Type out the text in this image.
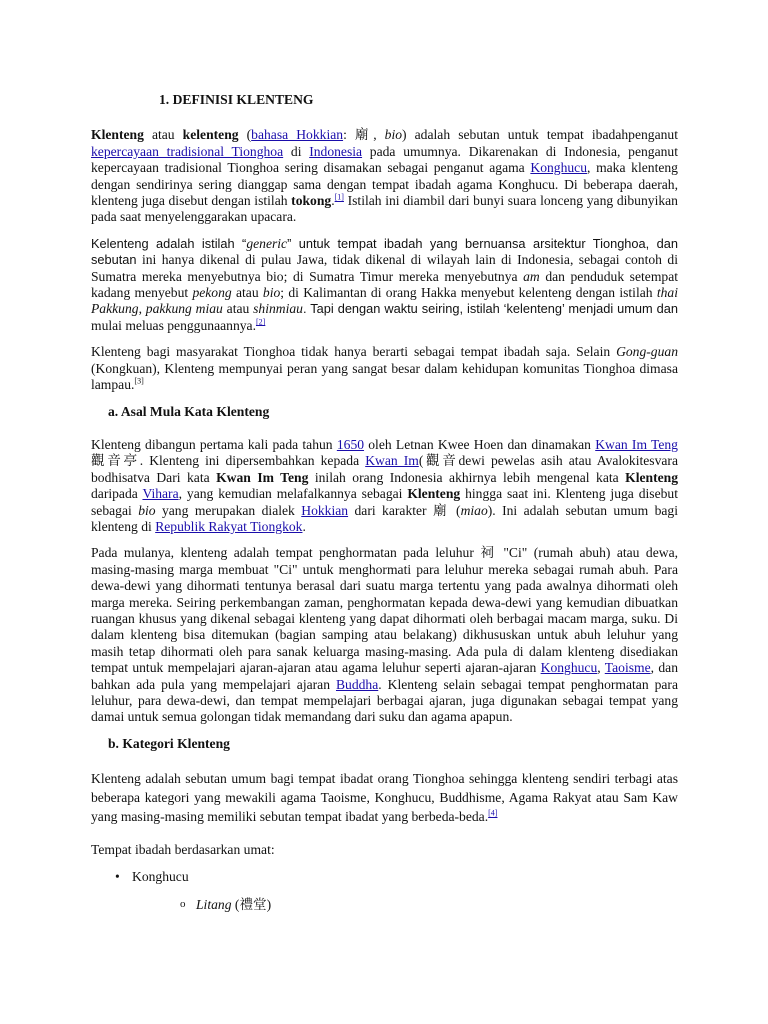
1. DEFINISI KLENTENG

Klenteng atau kelenteng (bahasa Hokkian: 廟, bio) adalah sebutan untuk tempat ibadahpenganut kepercayaan tradisional Tionghoa di Indonesia pada umumnya. Dikarenakan di Indonesia, penganut kepercayaan tradisional Tionghoa sering disamakan sebagai penganut agama Konghucu, maka klenteng dengan sendirinya sering dianggap sama dengan tempat ibadah agama Konghucu. Di beberapa daerah, klenteng juga disebut dengan istilah tokong.[1] Istilah ini diambil dari bunyi suara lonceng yang dibunyikan pada saat menyelenggarakan upacara.

Kelenteng adalah istilah “generic” untuk tempat ibadah yang bernuansa arsitektur Tionghoa, dan sebutan ini hanya dikenal di pulau Jawa, tidak dikenal di wilayah lain di Indonesia, sebagai contoh di Sumatra mereka menyebutnya bio; di Sumatra Timur mereka menyebutnya am dan penduduk setempat kadang menyebut pekong atau bio; di Kalimantan di orang Hakka menyebut kelenteng dengan istilah thai Pakkung, pakkung miau atau shinmiau. Tapi dengan waktu seiring, istilah ‘kelenteng’ menjadi umum dan mulai meluas penggunaannya.[2]

Klenteng bagi masyarakat Tionghoa tidak hanya berarti sebagai tempat ibadah saja. Selain Gong-guan (Kongkuan), Klenteng mempunyai peran yang sangat besar dalam kehidupan komunitas Tionghoa dimasa lampau.[3]

a. Asal Mula Kata Klenteng

Klenteng dibangun pertama kali pada tahun 1650 oleh Letnan Kwee Hoen dan dinamakan Kwan Im Teng 觀音亭. Klenteng ini dipersembahkan kepada Kwan Im(觀音dewi pewelas asih atau Avalokitesvara bodhisatva Dari kata Kwan Im Teng inilah orang Indonesia akhirnya lebih mengenal kata Klenteng daripada Vihara, yang kemudian melafalkannya sebagai Klenteng hingga saat ini. Klenteng juga disebut sebagai bio yang merupakan dialek Hokkian dari karakter 廟 (miao). Ini adalah sebutan umum bagi klenteng di Republik Rakyat Tiongkok.

Pada mulanya, klenteng adalah tempat penghormatan pada leluhur 祠 "Ci" (rumah abuh) atau dewa, masing-masing marga membuat "Ci" untuk menghormati para leluhur mereka sebagai rumah abuh. Para dewa-dewi yang dihormati tentunya berasal dari suatu marga tertentu yang pada awalnya dihormati oleh marga mereka. Seiring perkembangan zaman, penghormatan kepada dewa-dewi yang kemudian dibuatkan ruangan khusus yang dikenal sebagai klenteng yang dapat dihormati oleh berbagai macam marga, suku. Di dalam klenteng bisa ditemukan (bagian samping atau belakang) dikhususkan untuk abuh leluhur yang masih tetap dihormati oleh para sanak keluarga masing-masing. Ada pula di dalam klenteng disediakan tempat untuk mempelajari ajaran-ajaran atau agama leluhur seperti ajaran-ajaran Konghucu, Taoisme, dan bahkan ada pula yang mempelajari ajaran Buddha. Klenteng selain sebagai tempat penghormatan para leluhur, para dewa-dewi, dan tempat mempelajari berbagai ajaran, juga digunakan sebagai tempat yang damai untuk semua golongan tidak memandang dari suku dan agama apapun.

b. Kategori Klenteng

Klenteng adalah sebutan umum bagi tempat ibadat orang Tionghoa sehingga klenteng sendiri terbagi atas beberapa kategori yang mewakili agama Taoisme, Konghucu, Buddhisme, Agama Rakyat atau Sam Kaw yang masing-masing memiliki sebutan tempat ibadat yang berbeda-beda.[4]

Tempat ibadah berdasarkan umat:

• Konghucu
o Litang (禮堂)
